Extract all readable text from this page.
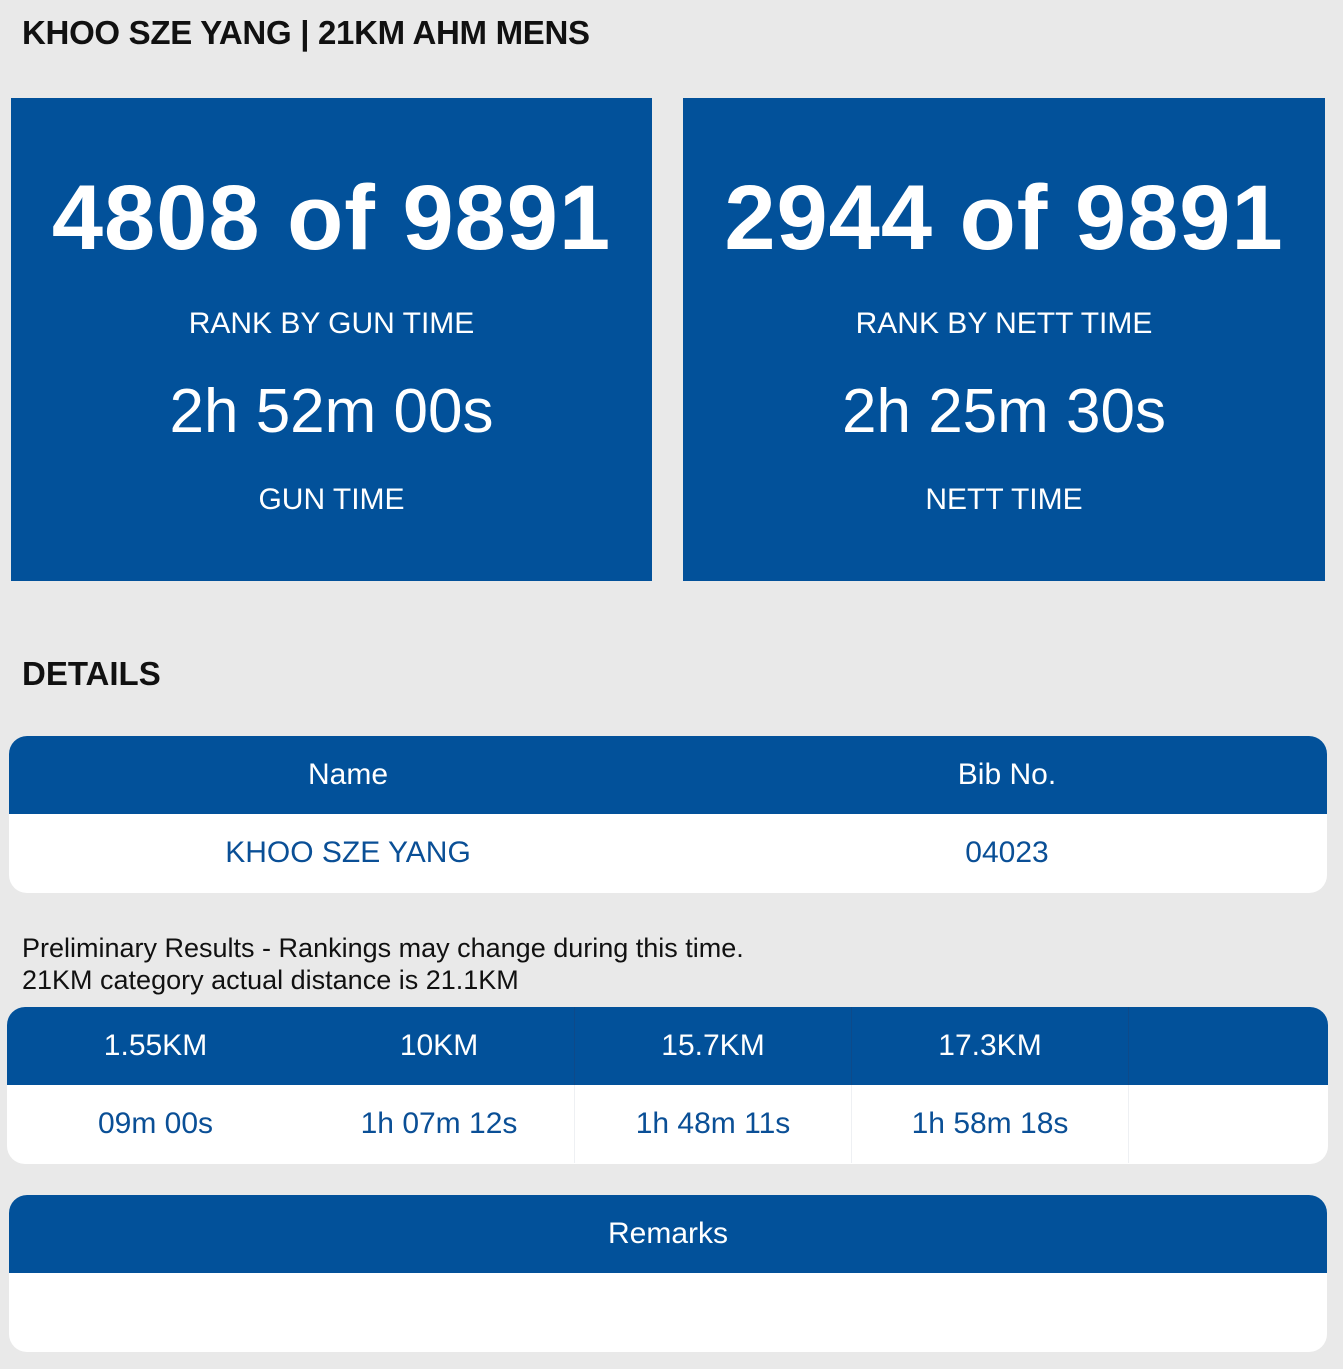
KHOO SZE YANG | 21KM AHM MENS
4808 of 9891
RANK BY GUN TIME
2h 52m 00s
GUN TIME
2944 of 9891
RANK BY NETT TIME
2h 25m 30s
NETT TIME
DETAILS
Name	Bib No.
KHOO SZE YANG	04023
Preliminary Results - Rankings may change during this time.
21KM category actual distance is 21.1KM
1.55KM	10KM	15.7KM	17.3KM
09m 00s	1h 07m 12s	1h 48m 11s	1h 58m 18s
Remarks
